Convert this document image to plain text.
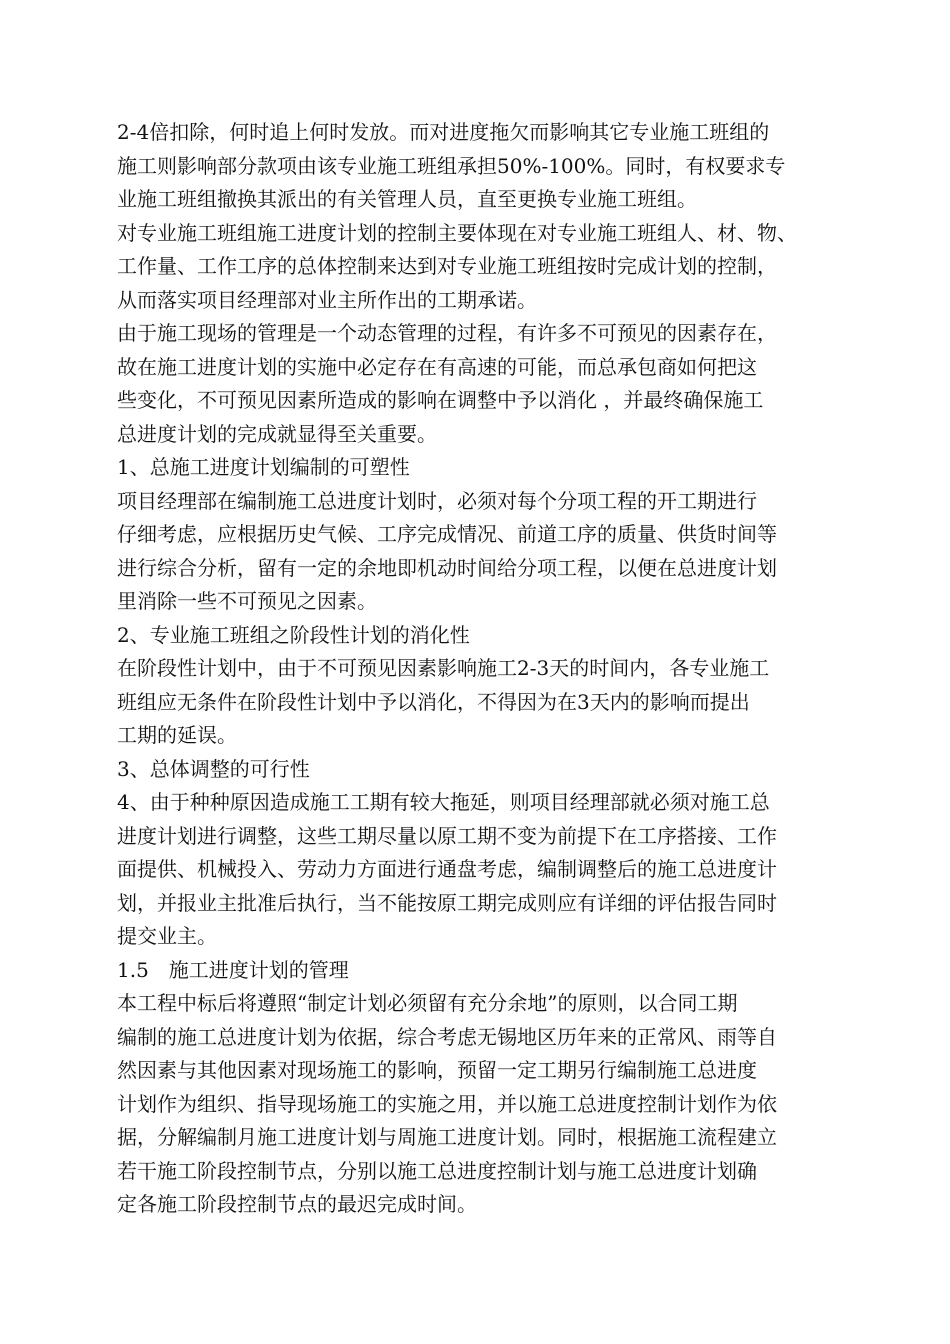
2-4倍扣除，何时追上何时发放。而对进度拖欠而影响其它专业施工班组的
施工则影响部分款项由该专业施工班组承担50%-100%。同时，有权要求专
业施工班组撤换其派出的有关管理人员，直至更换专业施工班组。
对专业施工班组施工进度计划的控制主要体现在对专业施工班组人、材、物、
工作量、工作工序的总体控制来达到对专业施工班组按时完成计划的控制，
从而落实项目经理部对业主所作出的工期承诺。
由于施工现场的管理是一个动态管理的过程，有许多不可预见的因素存在，
故在施工进度计划的实施中必定存在有高速的可能，而总承包商如何把这
些变化，不可预见因素所造成的影响在调整中予以消化 ，并最终确保施工
总进度计划的完成就显得至关重要。
1、总施工进度计划编制的可塑性
项目经理部在编制施工总进度计划时，必须对每个分项工程的开工期进行
仔细考虑，应根据历史气候、工序完成情况、前道工序的质量、供货时间等
进行综合分析，留有一定的余地即机动时间给分项工程，以便在总进度计划
里消除一些不可预见之因素。
2、专业施工班组之阶段性计划的消化性
在阶段性计划中，由于不可预见因素影响施工2-3天的时间内，各专业施工
班组应无条件在阶段性计划中予以消化，不得因为在3天内的影响而提出
工期的延误。
3、总体调整的可行性
4、由于种种原因造成施工工期有较大拖延，则项目经理部就必须对施工总
进度计划进行调整，这些工期尽量以原工期不变为前提下在工序搭接、工作
面提供、机械投入、劳动力方面进行通盘考虑，编制调整后的施工总进度计
划，并报业主批准后执行，当不能按原工期完成则应有详细的评估报告同时
提交业主。
1.5　施工进度计划的管理
本工程中标后将遵照“制定计划必须留有充分余地”的原则，以合同工期
编制的施工总进度计划为依据，综合考虑无锡地区历年来的正常风、雨等自
然因素与其他因素对现场施工的影响，预留一定工期另行编制施工总进度
计划作为组织、指导现场施工的实施之用，并以施工总进度控制计划作为依
据，分解编制月施工进度计划与周施工进度计划。同时，根据施工流程建立
若干施工阶段控制节点，分别以施工总进度控制计划与施工总进度计划确
定各施工阶段控制节点的最迟完成时间。
